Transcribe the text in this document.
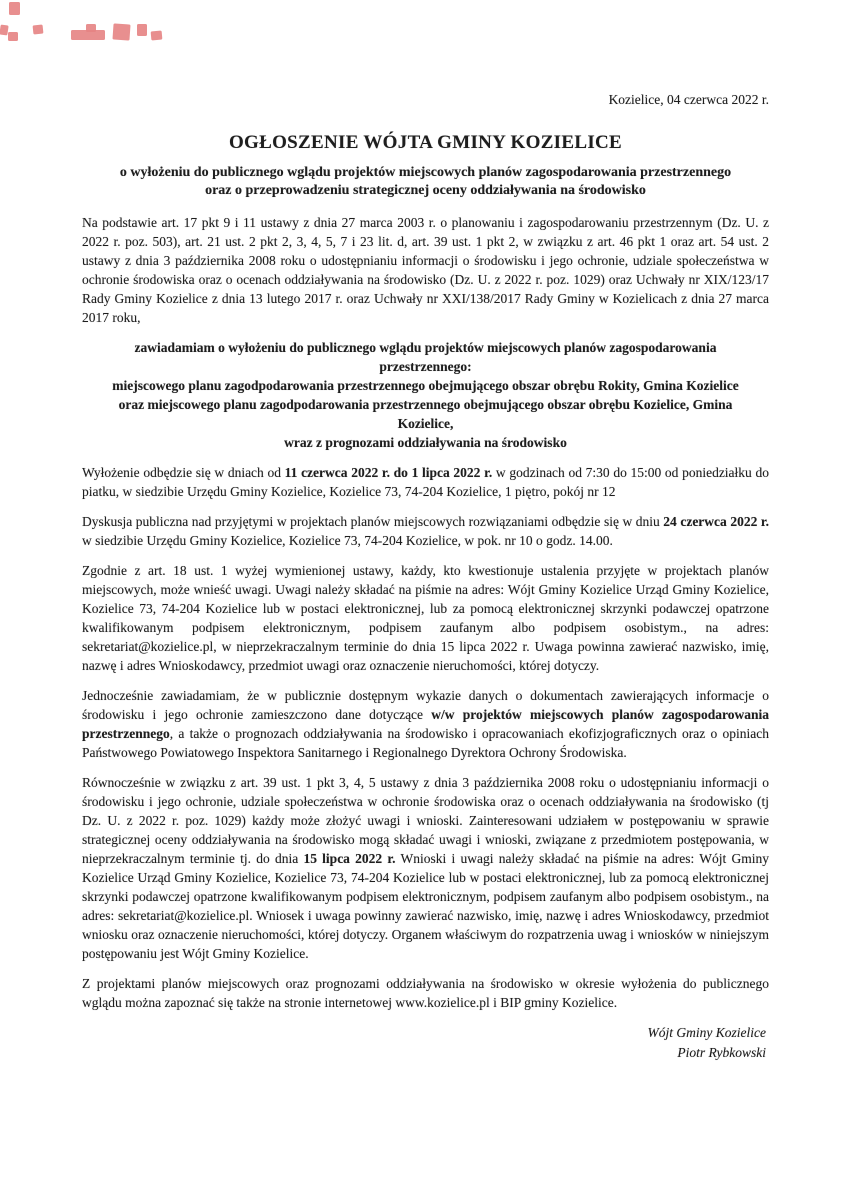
Kozielice, 04 czerwca 2022 r.
OGŁOSZENIE WÓJTA GMINY KOZIELICE
o wyłożeniu do publicznego wglądu projektów miejscowych planów zagospodarowania przestrzennego
oraz o przeprowadzeniu strategicznej oceny oddziaływania na środowisko

Na podstawie art. 17 pkt 9 i 11 ustawy z dnia 27 marca 2003 r. o planowaniu i zagospodarowaniu przestrzennym (Dz. U. z 2022 r. poz. 503), art. 21 ust. 2 pkt 2, 3, 4, 5, 7 i 23 lit. d, art. 39 ust. 1 pkt 2, w związku z art. 46 pkt 1 oraz art. 54 ust. 2 ustawy z dnia 3 października 2008 roku o udostępnianiu informacji o środowisku i jego ochronie, udziale społeczeństwa w ochronie środowiska oraz o ocenach oddziaływania na środowisko (Dz. U. z 2022 r. poz. 1029) oraz Uchwały nr XIX/123/17 Rady Gminy Kozielice z dnia 13 lutego 2017 r. oraz Uchwały nr XXI/138/2017 Rady Gminy w Kozielicach z dnia 27 marca 2017 roku,

zawiadamiam o wyłożeniu do publicznego wglądu projektów miejscowych planów zagospodarowania
przestrzennego:
miejscowego planu zagodpodarowania przestrzennego obejmującego obszar obrębu Rokity, Gmina Kozielice
oraz miejscowego planu zagodpodarowania przestrzennego obejmującego obszar obrębu Kozielice, Gmina
Kozielice,
wraz z prognozami oddziaływania na środowisko

Wyłożenie odbędzie się w dniach od 11 czerwca 2022 r. do 1 lipca 2022 r. w godzinach od 7:30 do 15:00 od poniedziałku do piatku, w siedzibie Urzędu Gminy Kozielice, Kozielice 73, 74-204 Kozielice, 1 piętro, pokój nr 12

Dyskusja publiczna nad przyjętymi w projektach planów miejscowych rozwiązaniami odbędzie się w dniu 24 czerwca 2022 r. w siedzibie Urzędu Gminy Kozielice, Kozielice 73, 74-204 Kozielice, w pok. nr 10 o godz. 14.00.

Zgodnie z art. 18 ust. 1 wyżej wymienionej ustawy, każdy, kto kwestionuje ustalenia przyjęte w projektach planów miejscowych, może wnieść uwagi. Uwagi należy składać na piśmie na adres: Wójt Gminy Kozielice Urząd Gminy Kozielice, Kozielice 73, 74-204 Kozielice lub w postaci elektronicznej, lub za pomocą elektronicznej skrzynki podawczej opatrzone kwalifikowanym podpisem elektronicznym, podpisem zaufanym albo podpisem osobistym., na adres: sekretariat@kozielice.pl, w nieprzekraczalnym terminie do dnia 15 lipca 2022 r. Uwaga powinna zawierać nazwisko, imię, nazwę i adres Wnioskodawcy, przedmiot uwagi oraz oznaczenie nieruchomości, której dotyczy.

Jednocześnie zawiadamiam, że w publicznie dostępnym wykazie danych o dokumentach zawierających informacje o środowisku i jego ochronie zamieszczono dane dotyczące w/w projektów miejscowych planów zagospodarowania przestrzennego, a także o prognozach oddziaływania na środowisko i opracowaniach ekofizjograficznych oraz o opiniach Państwowego Powiatowego Inspektora Sanitarnego i Regionalnego Dyrektora Ochrony Środowiska.

Równocześnie w związku z art. 39 ust. 1 pkt 3, 4, 5 ustawy z dnia 3 października 2008 roku o udostępnianiu informacji o środowisku i jego ochronie, udziale społeczeństwa w ochronie środowiska oraz o ocenach oddziaływania na środowisko (tj Dz. U. z 2022 r. poz. 1029) każdy może złożyć uwagi i wnioski. Zainteresowani udziałem w postępowaniu w sprawie strategicznej oceny oddziaływania na środowisko mogą składać uwagi i wnioski, związane z przedmiotem postępowania, w nieprzekraczalnym terminie tj. do dnia 15 lipca 2022 r. Wnioski i uwagi należy składać na piśmie na adres: Wójt Gminy Kozielice Urząd Gminy Kozielice, Kozielice 73, 74-204 Kozielice lub w postaci elektronicznej, lub za pomocą elektronicznej skrzynki podawczej opatrzone kwalifikowanym podpisem elektronicznym, podpisem zaufanym albo podpisem osobistym., na adres: sekretariat@kozielice.pl. Wniosek i uwaga powinny zawierać nazwisko, imię, nazwę i adres Wnioskodawcy, przedmiot wniosku oraz oznaczenie nieruchomości, której dotyczy. Organem właściwym do rozpatrzenia uwag i wniosków w niniejszym postępowaniu jest Wójt Gminy Kozielice.

Z projektami planów miejscowych oraz prognozami oddziaływania na środowisko w okresie wyłożenia do publicznego wglądu można zapoznać się także na stronie internetowej www.kozielice.pl i BIP gminy Kozielice.

Wójt Gminy Kozielice
Piotr Rybkowski
